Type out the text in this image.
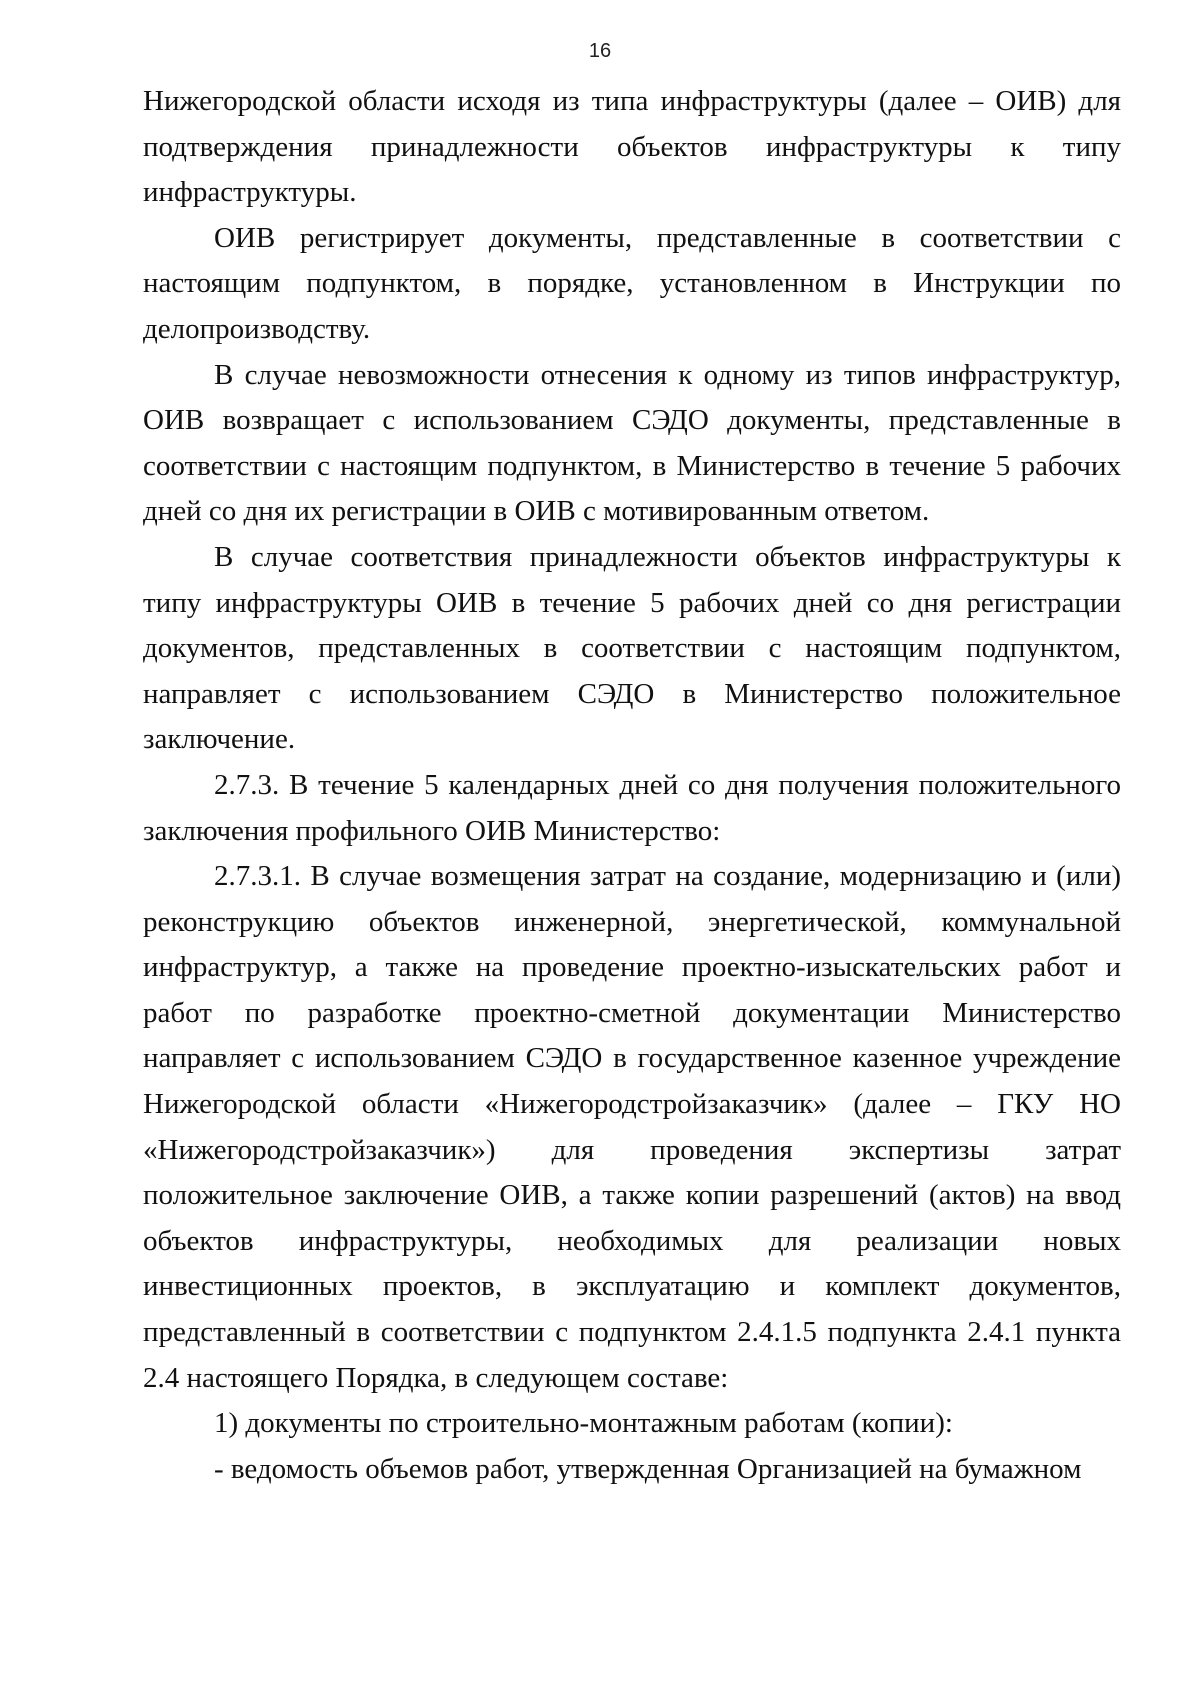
16

Нижегородской области исходя из типа инфраструктуры (далее – ОИВ) для подтверждения принадлежности объектов инфраструктуры к типу инфраструктуры.

ОИВ регистрирует документы, представленные в соответствии с настоящим подпунктом, в порядке, установленном в Инструкции по делопроизводству.

В случае невозможности отнесения к одному из типов инфраструктур, ОИВ возвращает с использованием СЭДО документы, представленные в соответствии с настоящим подпунктом, в Министерство в течение 5 рабочих дней со дня их регистрации в ОИВ с мотивированным ответом.

В случае соответствия принадлежности объектов инфраструктуры к типу инфраструктуры ОИВ в течение 5 рабочих дней со дня регистрации документов, представленных в соответствии с настоящим подпунктом, направляет с использованием СЭДО в Министерство положительное заключение.

2.7.3. В течение 5 календарных дней со дня получения положительного заключения профильного ОИВ Министерство:

2.7.3.1. В случае возмещения затрат на создание, модернизацию и (или) реконструкцию объектов инженерной, энергетической, коммунальной инфраструктур, а также на проведение проектно-изыскательских работ и работ по разработке проектно-сметной документации Министерство направляет с использованием СЭДО в государственное казенное учреждение Нижегородской области «Нижегородстройзаказчик» (далее – ГКУ НО «Нижегородстройзаказчик») для проведения экспертизы затрат положительное заключение ОИВ, а также копии разрешений (актов) на ввод объектов инфраструктуры, необходимых для реализации новых инвестиционных проектов, в эксплуатацию и комплект документов, представленный в соответствии с подпунктом 2.4.1.5 подпункта 2.4.1 пункта 2.4 настоящего Порядка, в следующем составе:

1) документы по строительно-монтажным работам (копии):

- ведомость объемов работ, утвержденная Организацией на бумажном
